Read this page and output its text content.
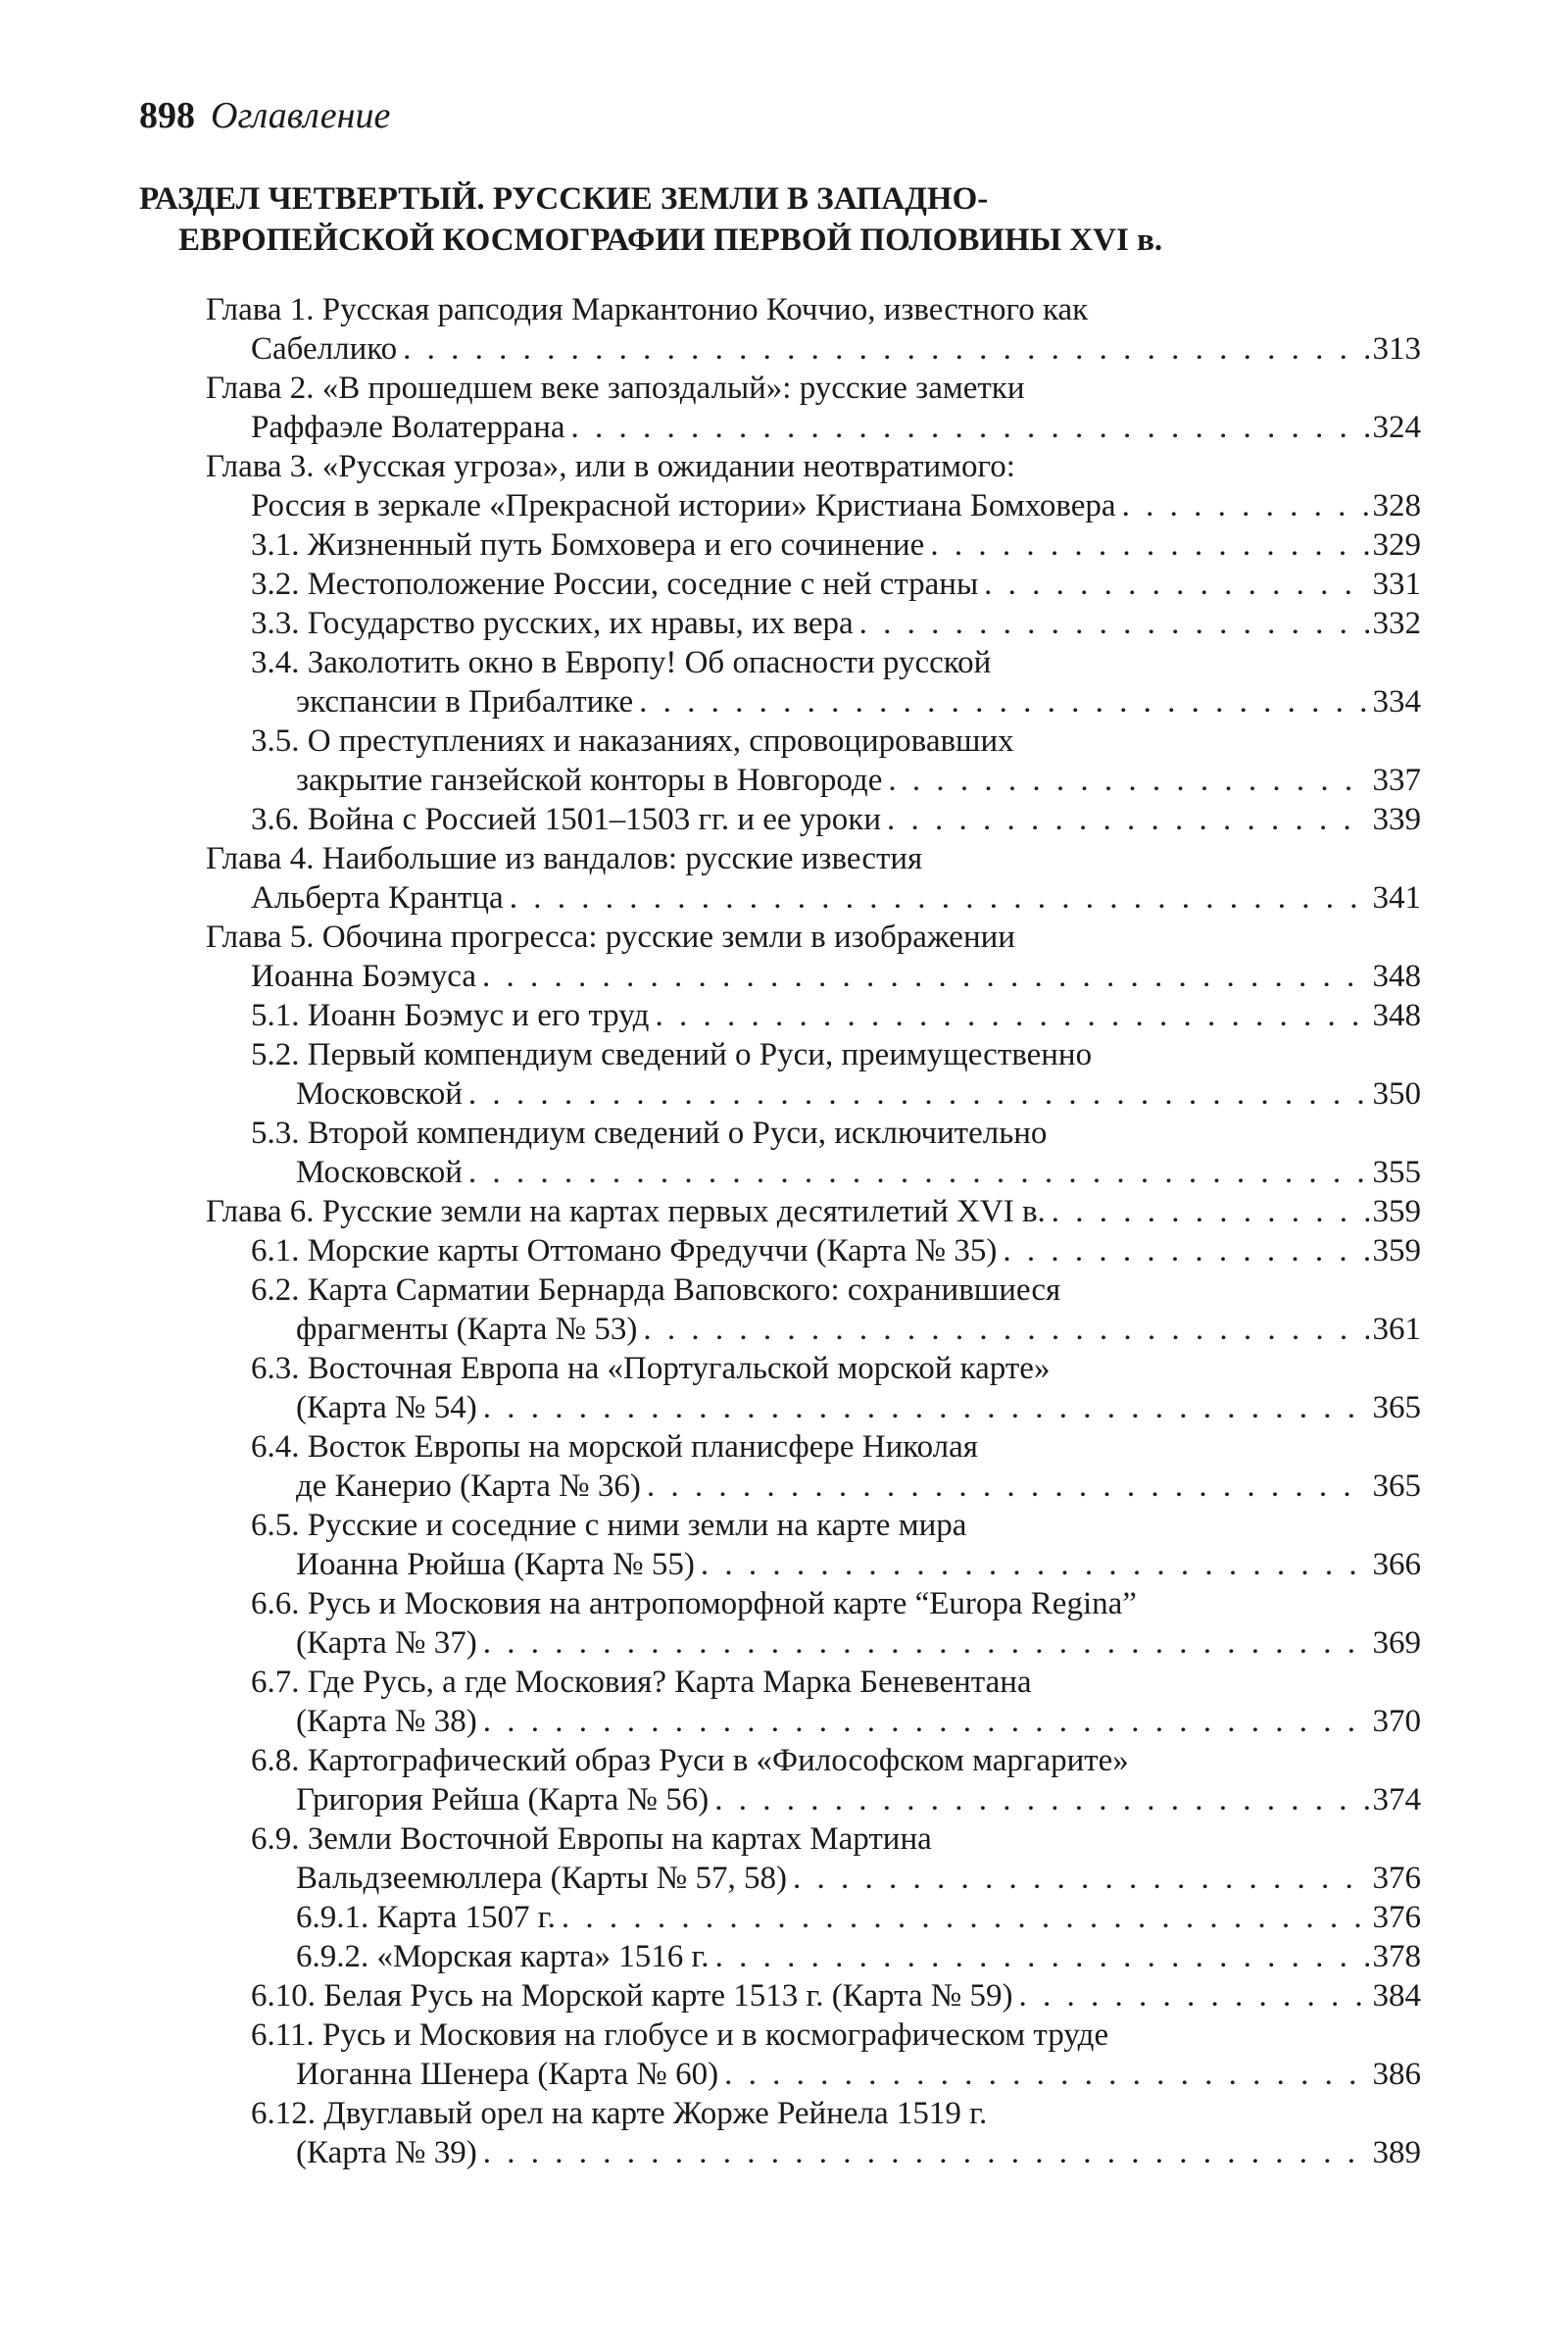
898 Оглавление
РАЗДЕЛ ЧЕТВЕРТЫЙ. РУССКИЕ ЗЕМЛИ В ЗАПАДНО-
ЕВРОПЕЙСКОЙ КОСМОГРАФИИ ПЕРВОЙ ПОЛОВИНЫ XVI в.
Глава 1. Русская рапсодия Маркантонио Коччио, известного как
Сабеллико . . .	313
Глава 2. «В прошедшем веке запоздалый»: русские заметки
Раффаэле Волатеррана . . .	324
Глава 3. «Русская угроза», или в ожидании неотвратимого:
Россия в зеркале «Прекрасной истории» Кристиана Бомховера . . .	328
3.1. Жизненный путь Бомховера и его сочинение . . .	329
3.2. Местоположение России, соседние с ней страны . . .	331
3.3. Государство русских, их нравы, их вера . . .	332
3.4. Заколотить окно в Европу! Об опасности русской
экспансии в Прибалтике . . .	334
3.5. О преступлениях и наказаниях, спровоцировавших
закрытие ганзейской конторы в Новгороде . . .	337
3.6. Война с Россией 1501–1503 гг. и ее уроки . . .	339
Глава 4. Наибольшие из вандалов: русские известия
Альберта Крантца . . .	341
Глава 5. Обочина прогресса: русские земли в изображении
Иоанна Боэмуса . . .	348
5.1. Иоанн Боэмус и его труд . . .	348
5.2. Первый компендиум сведений о Руси, преимущественно
Московской . . .	350
5.3. Второй компендиум сведений о Руси, исключительно
Московской . . .	355
Глава 6. Русские земли на картах первых десятилетий XVI в. . . .	359
6.1. Морские карты Оттомано Фредуччи (Карта № 35) . . .	359
6.2. Карта Сарматии Бернарда Ваповского: сохранившиеся
фрагменты (Карта № 53) . . .	361
6.3. Восточная Европа на «Португальской морской карте»
(Карта № 54) . . .	365
6.4. Восток Европы на морской планисфере Николая
де Канерио (Карта № 36) . . .	365
6.5. Русские и соседние с ними земли на карте мира
Иоанна Рюйша (Карта № 55) . . .	366
6.6. Русь и Московия на антропоморфной карте “Europa Regina”
(Карта № 37) . . .	369
6.7. Где Русь, а где Московия? Карта Марка Беневентана
(Карта № 38) . . .	370
6.8. Картографический образ Руси в «Философском маргарите»
Григория Рейша (Карта № 56) . . .	374
6.9. Земли Восточной Европы на картах Мартина
Вальдзеемюллера (Карты № 57, 58) . . .	376
6.9.1. Карта 1507 г. . . .	376
6.9.2. «Морская карта» 1516 г. . . .	378
6.10. Белая Русь на Морской карте 1513 г. (Карта № 59) . . .	384
6.11. Русь и Московия на глобусе и в космографическом труде
Иоганна Шенера (Карта № 60) . . .	386
6.12. Двуглавый орел на карте Жорже Рейнела 1519 г.
(Карта № 39) . . .	389
